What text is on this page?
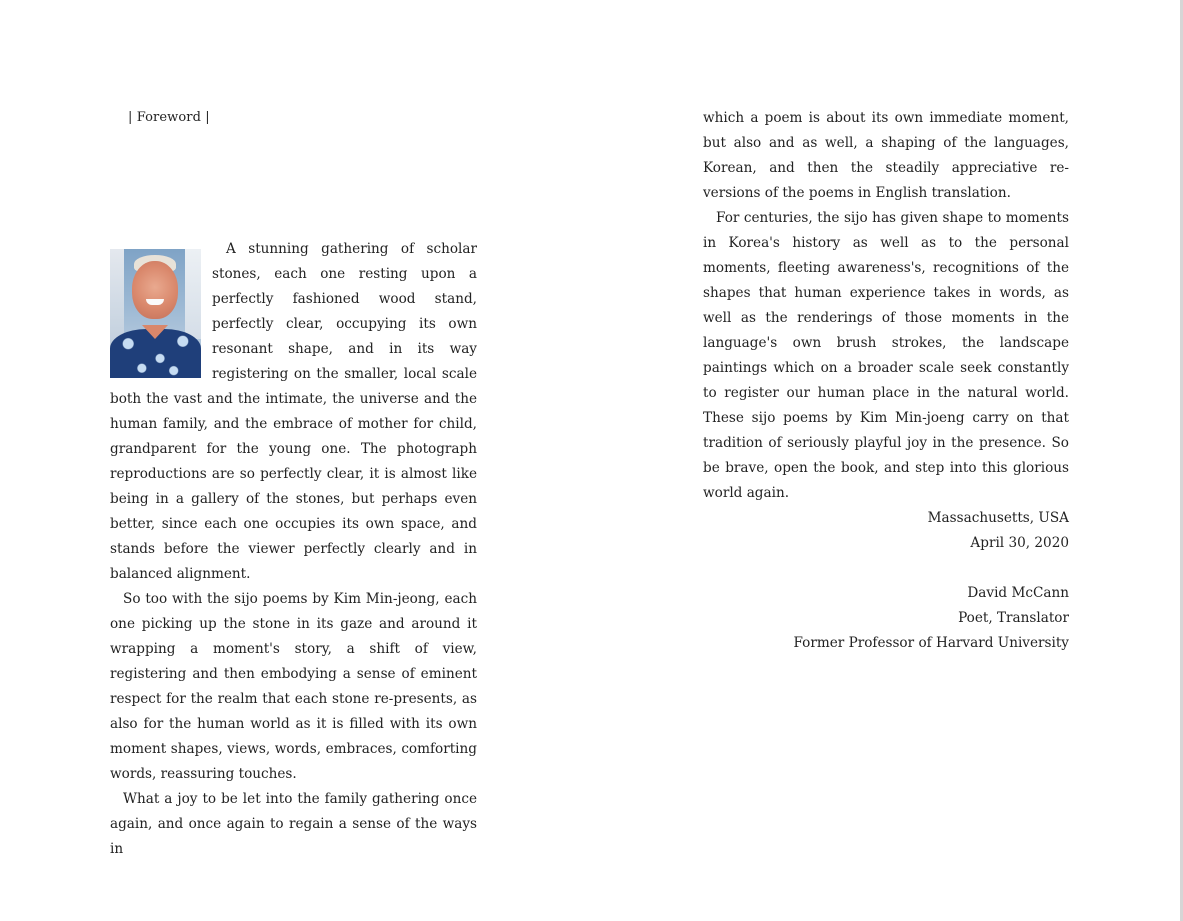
| Foreword |

A stunning gathering of scholar stones, each one resting upon a perfectly fashioned wood stand, perfectly clear, occupying its own resonant shape, and in its way registering on the smaller, local scale both the vast and the intimate, the universe and the human family, and the embrace of mother for child, grandparent for the young one. The photograph reproductions are so perfectly clear, it is almost like being in a gallery of the stones, but perhaps even better, since each one occupies its own space, and stands before the viewer perfectly clearly and in balanced alignment.

So too with the sijo poems by Kim Min-jeong, each one picking up the stone in its gaze and around it wrapping a moment's story, a shift of view, registering and then embodying a sense of eminent respect for the realm that each stone re-presents, as also for the human world as it is filled with its own moment shapes, views, words, embraces, comforting words, reassuring touches.

What a joy to be let into the family gathering once again, and once again to regain a sense of the ways in

which a poem is about its own immediate moment, but also and as well, a shaping of the languages, Korean, and then the steadily appreciative re-versions of the poems in English translation.

For centuries, the sijo has given shape to moments in Korea's history as well as to the personal moments, fleeting awareness's, recognitions of the shapes that human experience takes in words, as well as the renderings of those moments in the language's own brush strokes, the landscape paintings which on a broader scale seek constantly to register our human place in the natural world. These sijo poems by Kim Min-joeng carry on that tradition of seriously playful joy in the presence. So be brave, open the book, and step into this glorious world again.

Massachusetts, USA
April 30, 2020
David McCann
Poet, Translator
Former Professor of Harvard University
